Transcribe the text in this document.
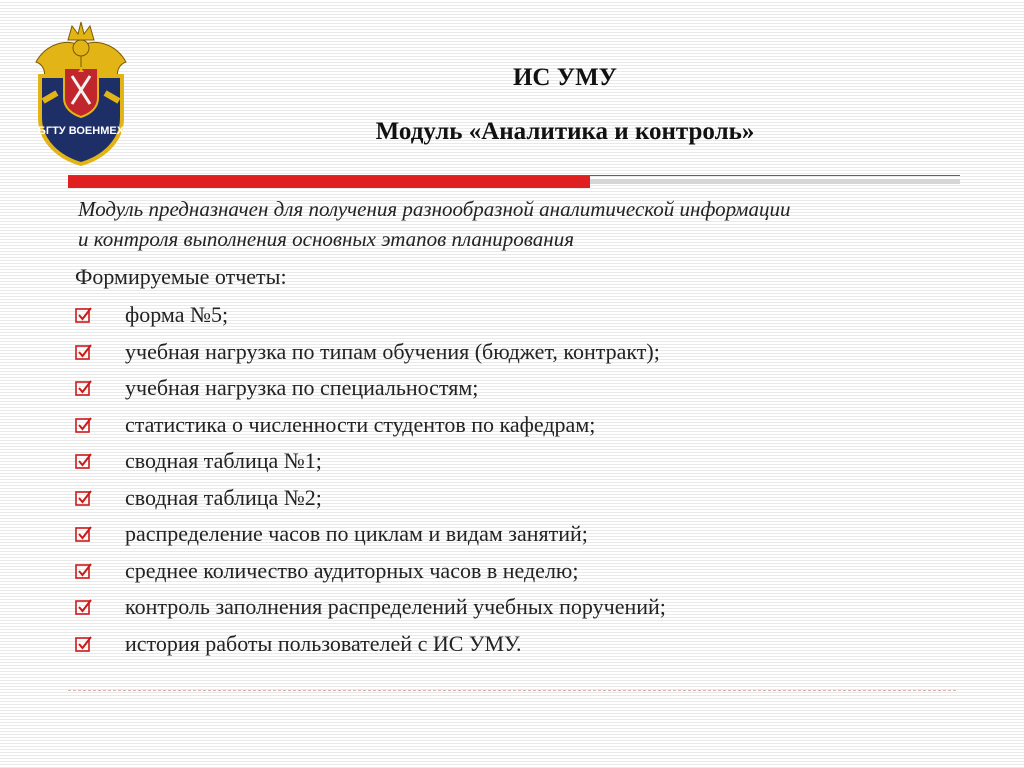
БГТУ ВОЕНМЕХ
ИС УМУ
Модуль «Аналитика и контроль»
Модуль предназначен для получения разнообразной аналитической информации
и контроля выполнения основных этапов планирования
Формируемые отчеты:
форма №5;
учебная нагрузка по типам обучения (бюджет, контракт);
учебная нагрузка по специальностям;
статистика о численности студентов по кафедрам;
сводная таблица №1;
сводная таблица №2;
распределение часов по циклам и видам занятий;
среднее количество аудиторных часов в неделю;
контроль заполнения распределений учебных поручений;
история работы пользователей с ИС УМУ.
